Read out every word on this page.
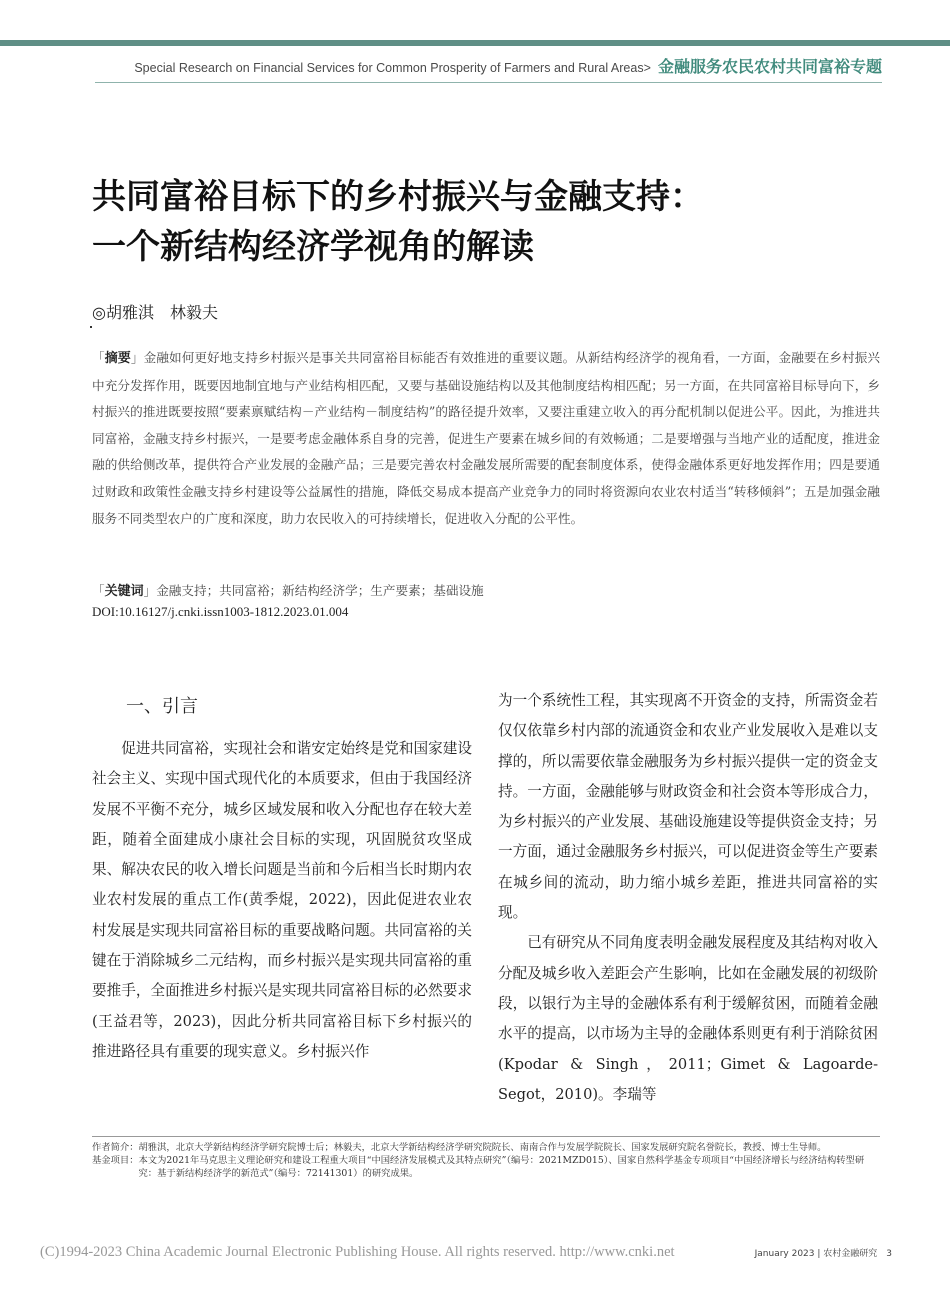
Special Research on Financial Services for Common Prosperity of Farmers and Rural Areas> 金融服务农民农村共同富裕专题
共同富裕目标下的乡村振兴与金融支持：
一个新结构经济学视角的解读
◎胡雅淇　林毅夫
「摘要」金融如何更好地支持乡村振兴是事关共同富裕目标能否有效推进的重要议题。从新结构经济学的视角看，一方面，金融要在乡村振兴中充分发挥作用，既要因地制宜地与产业结构相匹配，又要与基础设施结构以及其他制度结构相匹配；另一方面，在共同富裕目标导向下，乡村振兴的推进既要按照“要素禀赋结构－产业结构－制度结构”的路径提升效率，又要注重建立收入的再分配机制以促进公平。因此，为推进共同富裕，金融支持乡村振兴，一是要考虑金融体系自身的完善，促进生产要素在城乡间的有效畅通；二是要增强与当地产业的适配度，推进金融的供给侧改革，提供符合产业发展的金融产品；三是要完善农村金融发展所需要的配套制度体系，使得金融体系更好地发挥作用；四是要通过财政和政策性金融支持乡村建设等公益属性的措施，降低交易成本提高产业竞争力的同时将资源向农业农村适当“转移倾斜”；五是加强金融服务不同类型农户的广度和深度，助力农民收入的可持续增长，促进收入分配的公平性。
「关键词」金融支持；共同富裕；新结构经济学；生产要素；基础设施
DOI:10.16127/j.cnki.issn1003-1812.2023.01.004
一、引言

促进共同富裕，实现社会和谐安定始终是党和国家建设社会主义、实现中国式现代化的本质要求，但由于我国经济发展不平衡不充分，城乡区域发展和收入分配也存在较大差距，随着全面建成小康社会目标的实现，巩固脱贫攻坚成果、解决农民的收入增长问题是当前和今后相当长时期内农业农村发展的重点工作(黄季焜，2022)，因此促进农业农村发展是实现共同富裕目标的重要战略问题。共同富裕的关键在于消除城乡二元结构，而乡村振兴是实现共同富裕的重要推手，全面推进乡村振兴是实现共同富裕目标的必然要求(王益君等，2023)，因此分析共同富裕目标下乡村振兴的推进路径具有重要的现实意义。乡村振兴作

为一个系统性工程，其实现离不开资金的支持，所需资金若仅仅依靠乡村内部的流通资金和农业产业发展收入是难以支撑的，所以需要依靠金融服务为乡村振兴提供一定的资金支持。一方面，金融能够与财政资金和社会资本等形成合力，为乡村振兴的产业发展、基础设施建设等提供资金支持；另一方面，通过金融服务乡村振兴，可以促进资金等生产要素在城乡间的流动，助力缩小城乡差距，推进共同富裕的实现。

已有研究从不同角度表明金融发展程度及其结构对收入分配及城乡收入差距会产生影响，比如在金融发展的初级阶段，以银行为主导的金融体系有利于缓解贫困，而随着金融水平的提高，以市场为主导的金融体系则更有利于消除贫困(Kpodar & Singh，2011；Gimet & Lagoarde-Segot，2010)。李瑞等

作者简介： 胡雅淇，北京大学新结构经济学研究院博士后；林毅夫，北京大学新结构经济学研究院院长、南南合作与发展学院院长、国家发展研究院名誉院长，教授、博士生导师。
基金项目： 本文为2021年马克思主义理论研究和建设工程重大项目“中国经济发展模式及其特点研究”（编号：2021MZD015）、国家自然科学基金专项项目“中国经济增长与经济结构转型研究：基于新结构经济学的新范式”（编号：72141301）的研究成果。
(C)1994-2023 China Academic Journal Electronic Publishing House. All rights reserved. http://www.cnki.net	January 2023 | 农村金融研究　3
